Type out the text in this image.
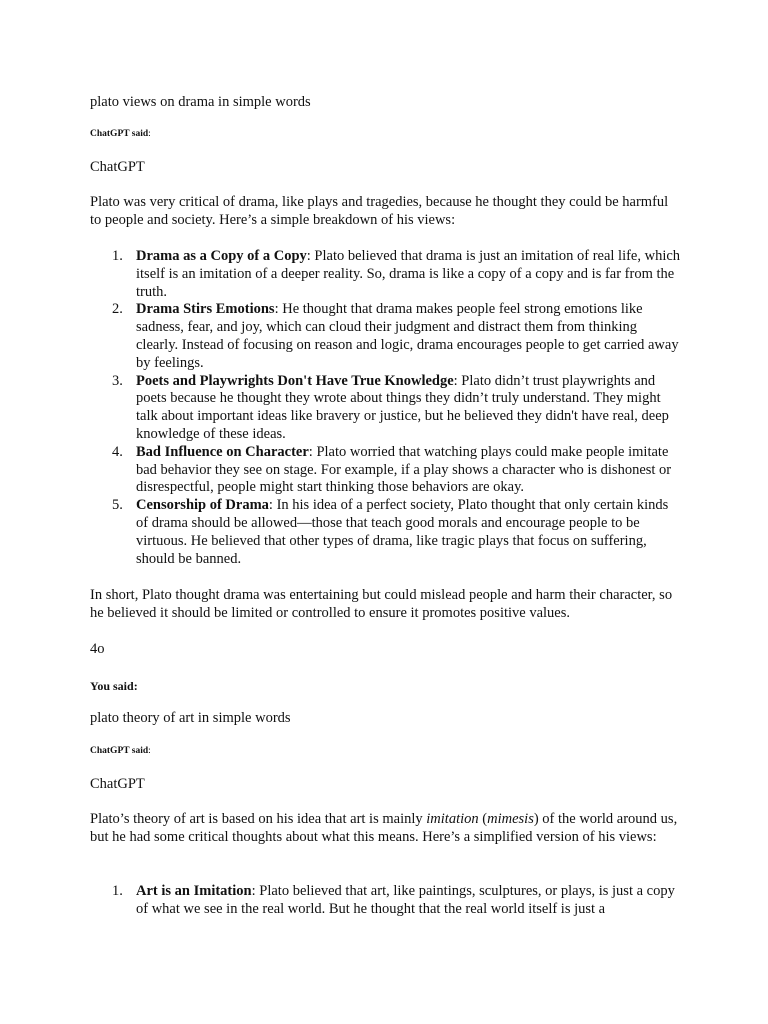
plato views on drama in simple words

ChatGPT said:

ChatGPT

Plato was very critical of drama, like plays and tragedies, because he thought they could be harmful to people and society. Here’s a simple breakdown of his views:

1. Drama as a Copy of a Copy: Plato believed that drama is just an imitation of real life, which itself is an imitation of a deeper reality. So, drama is like a copy of a copy and is far from the truth.
2. Drama Stirs Emotions: He thought that drama makes people feel strong emotions like sadness, fear, and joy, which can cloud their judgment and distract them from thinking clearly. Instead of focusing on reason and logic, drama encourages people to get carried away by feelings.
3. Poets and Playwrights Don't Have True Knowledge: Plato didn’t trust playwrights and poets because he thought they wrote about things they didn’t truly understand. They might talk about important ideas like bravery or justice, but he believed they didn't have real, deep knowledge of these ideas.
4. Bad Influence on Character: Plato worried that watching plays could make people imitate bad behavior they see on stage. For example, if a play shows a character who is dishonest or disrespectful, people might start thinking those behaviors are okay.
5. Censorship of Drama: In his idea of a perfect society, Plato thought that only certain kinds of drama should be allowed—those that teach good morals and encourage people to be virtuous. He believed that other types of drama, like tragic plays that focus on suffering, should be banned.

In short, Plato thought drama was entertaining but could mislead people and harm their character, so he believed it should be limited or controlled to ensure it promotes positive values.

4o

You said:

plato theory of art in simple words

ChatGPT said:

ChatGPT

Plato’s theory of art is based on his idea that art is mainly imitation (mimesis) of the world around us, but he had some critical thoughts about what this means. Here’s a simplified version of his views:

1. Art is an Imitation: Plato believed that art, like paintings, sculptures, or plays, is just a copy of what we see in the real world. But he thought that the real world itself is just a
